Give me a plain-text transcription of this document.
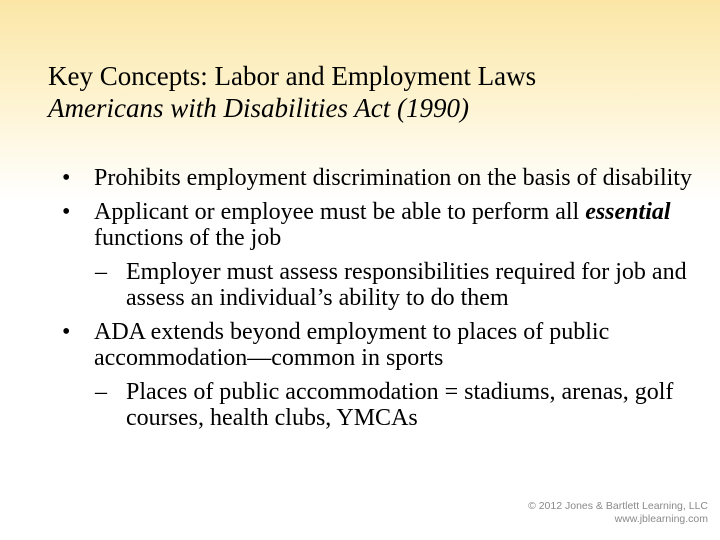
Key Concepts: Labor and Employment Laws
Americans with Disabilities Act (1990)
• Prohibits employment discrimination on the basis of disability
• Applicant or employee must be able to perform all essential functions of the job
– Employer must assess responsibilities required for job and assess an individual’s ability to do them
• ADA extends beyond employment to places of public accommodation—common in sports
– Places of public accommodation = stadiums, arenas, golf courses, health clubs, YMCAs
© 2012 Jones & Bartlett Learning, LLC
www.jblearning.com
